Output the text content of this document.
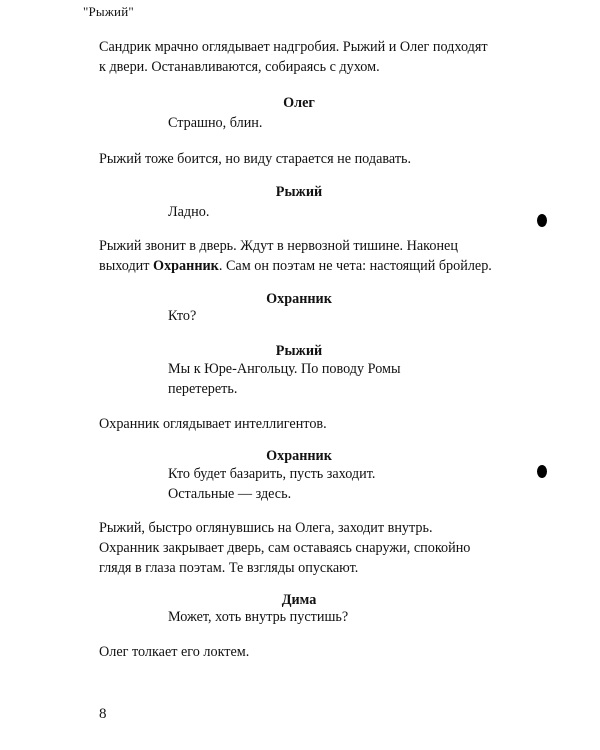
"Рыжий"
Сандрик мрачно оглядывает надгробия. Рыжий и Олег подходят
к двери. Останавливаются, собираясь с духом.
Олег
Страшно, блин.
Рыжий тоже боится, но виду старается не подавать.
Рыжий
Ладно.
Рыжий звонит в дверь. Ждут в нервозной тишине. Наконец
выходит Охранник. Сам он поэтам не чета: настоящий бройлер.
Охранник
Кто?
Рыжий
Мы к Юре-Ангольцу. По поводу Ромы
перетереть.
Охранник оглядывает интеллигентов.
Охранник
Кто будет базарить, пусть заходит.
Остальные — здесь.
Рыжий, быстро оглянувшись на Олега, заходит внутрь.
Охранник закрывает дверь, сам оставаясь снаружи, спокойно
глядя в глаза поэтам. Те взгляды опускают.
Дима
Может, хоть внутрь пустишь?
Олег толкает его локтем.
8
